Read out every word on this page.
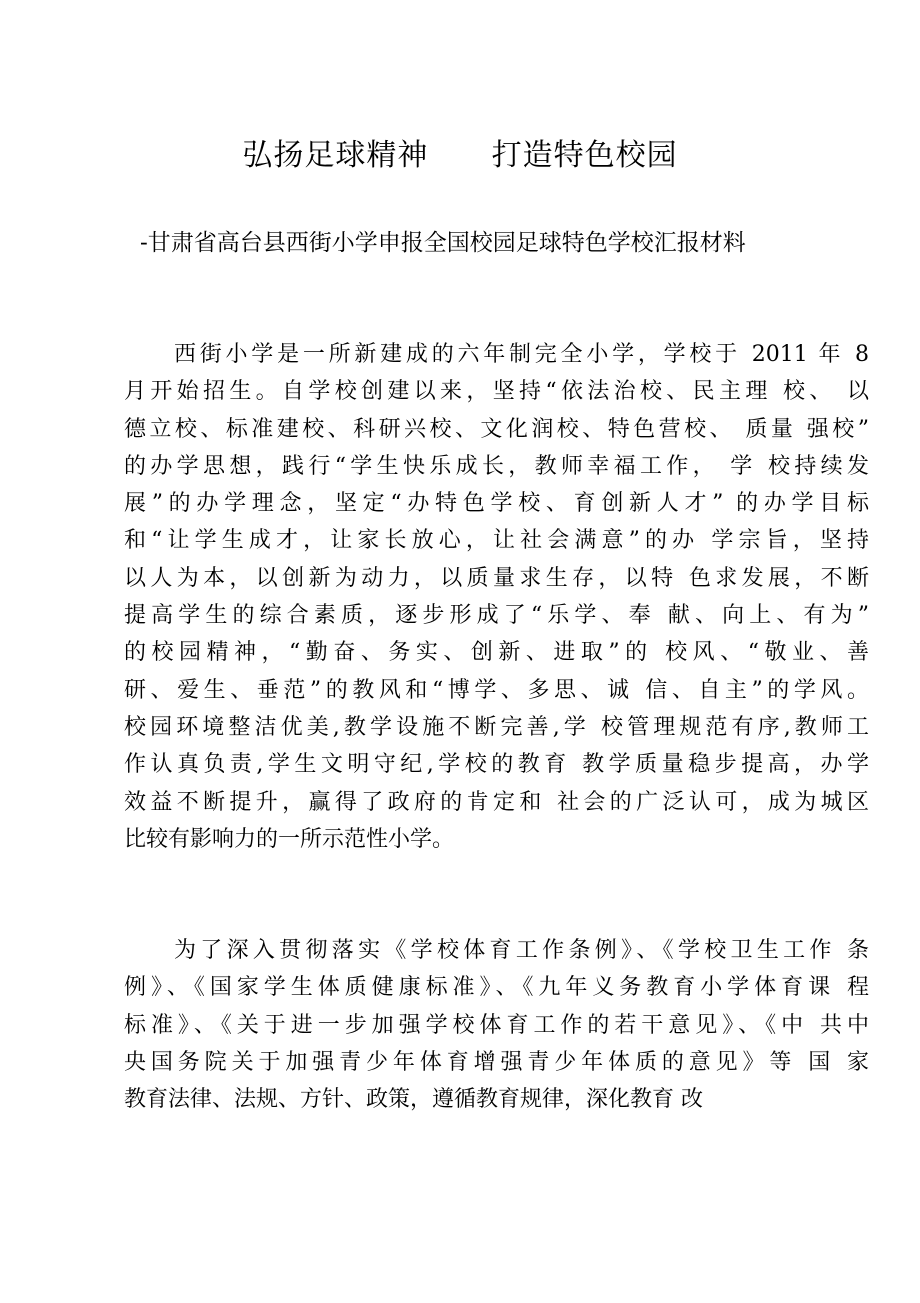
弘扬足球精神      打造特色校园

-甘肃省高台县西街小学申报全国校园足球特色学校汇报材料

西街小学是一所新建成的六年制完全小学，学校于 2011 年 8
月开始招生。自学校创建以来，坚持“依法治校、民主理 校、 以
德立校、标准建校、科研兴校、文化润校、特色营校、 质量 强校”
的办学思想，践行“学生快乐成长，教师幸福工作， 学 校持续发
展”的办学理念，坚定“办特色学校、育创新人才” 的办学目标
和“让学生成才，让家长放心，让社会满意”的办 学宗旨，坚持
以人为本，以创新为动力，以质量求生存，以特 色求发展，不断
提高学生的综合素质，逐步形成了“乐学、奉 献、向上、有为”
的校园精神，“勤奋、务实、创新、进取”的 校风、“敬业、善
研、爱生、垂范”的教风和“博学、多思、诚 信、自主”的学风。
校园环境整洁优美,教学设施不断完善,学 校管理规范有序,教师工
作认真负责,学生文明守纪,学校的教育 教学质量稳步提高，办学
效益不断提升，赢得了政府的肯定和 社会的广泛认可，成为城区
比较有影响力的一所示范性小学。
为了深入贯彻落实《学校体育工作条例》、《学校卫生工作 条
例》、《国家学生体质健康标准》、《九年义务教育小学体育课 程
标准》、《关于进一步加强学校体育工作的若干意见》、《中 共中
央国务院关于加强青少年体育增强青少年体质的意见》等 国 家
教育法律、法规、方针、政策，遵循教育规律，深化教育 改
